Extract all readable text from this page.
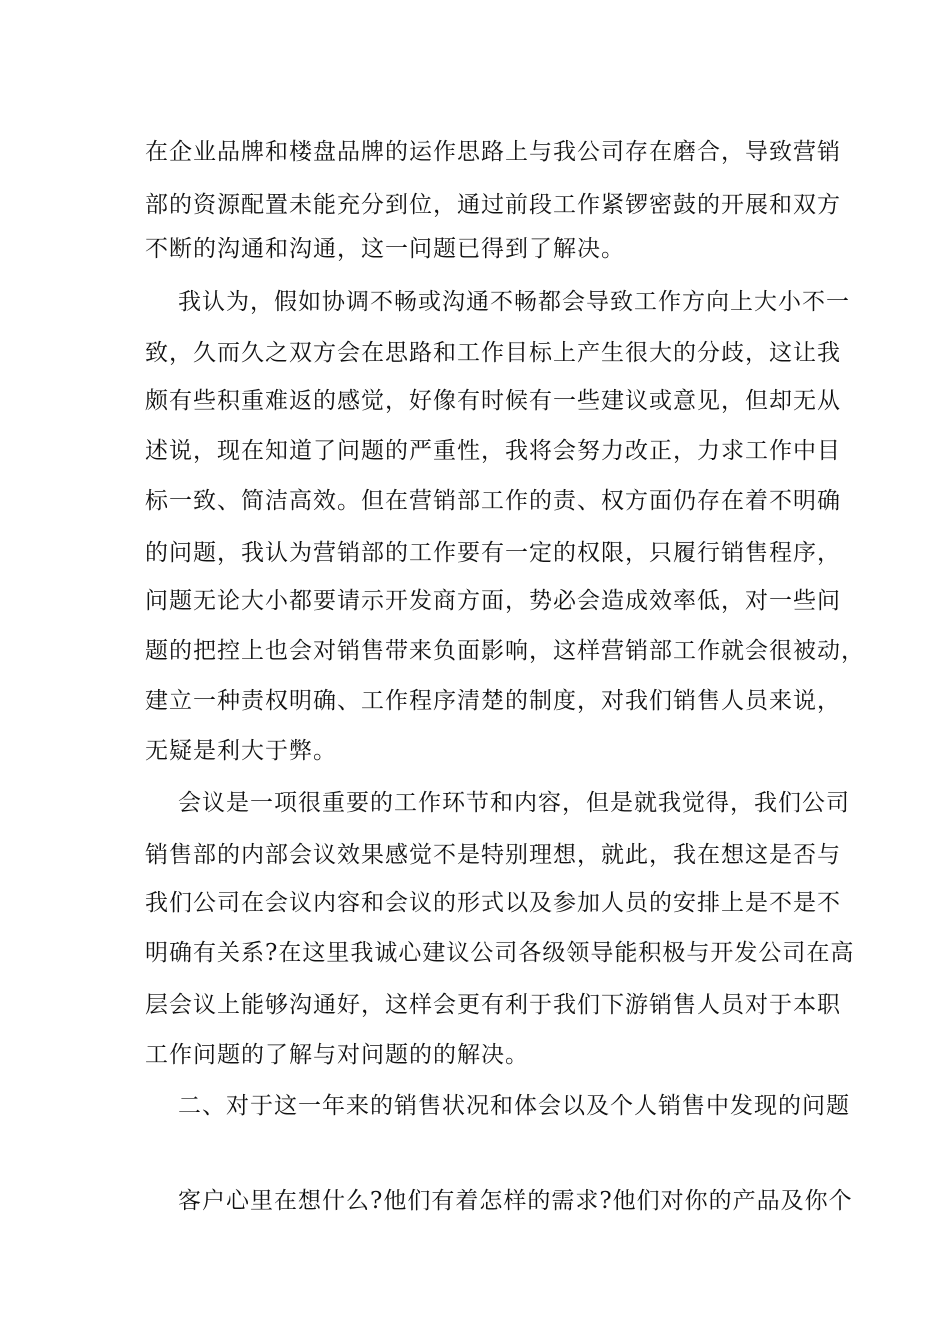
在企业品牌和楼盘品牌的运作思路上与我公司存在磨合，导致营销
部的资源配置未能充分到位，通过前段工作紧锣密鼓的开展和双方
不断的沟通和沟通，这一问题已得到了解决。
我认为，假如协调不畅或沟通不畅都会导致工作方向上大小不一
致，久而久之双方会在思路和工作目标上产生很大的分歧，这让我
颇有些积重难返的感觉，好像有时候有一些建议或意见，但却无从
述说，现在知道了问题的严重性，我将会努力改正，力求工作中目
标一致、简洁高效。但在营销部工作的责、权方面仍存在着不明确
的问题，我认为营销部的工作要有一定的权限，只履行销售程序，
问题无论大小都要请示开发商方面，势必会造成效率低，对一些问
题的把控上也会对销售带来负面影响，这样营销部工作就会很被动，
建立一种责权明确、工作程序清楚的制度，对我们销售人员来说，
无疑是利大于弊。
会议是一项很重要的工作环节和内容，但是就我觉得，我们公司
销售部的内部会议效果感觉不是特别理想，就此，我在想这是否与
我们公司在会议内容和会议的形式以及参加人员的安排上是不是不
明确有关系?在这里我诚心建议公司各级领导能积极与开发公司在高
层会议上能够沟通好，这样会更有利于我们下游销售人员对于本职
工作问题的了解与对问题的的解决。
二、对于这一年来的销售状况和体会以及个人销售中发现的问题
客户心里在想什么?他们有着怎样的需求?他们对你的产品及你个
